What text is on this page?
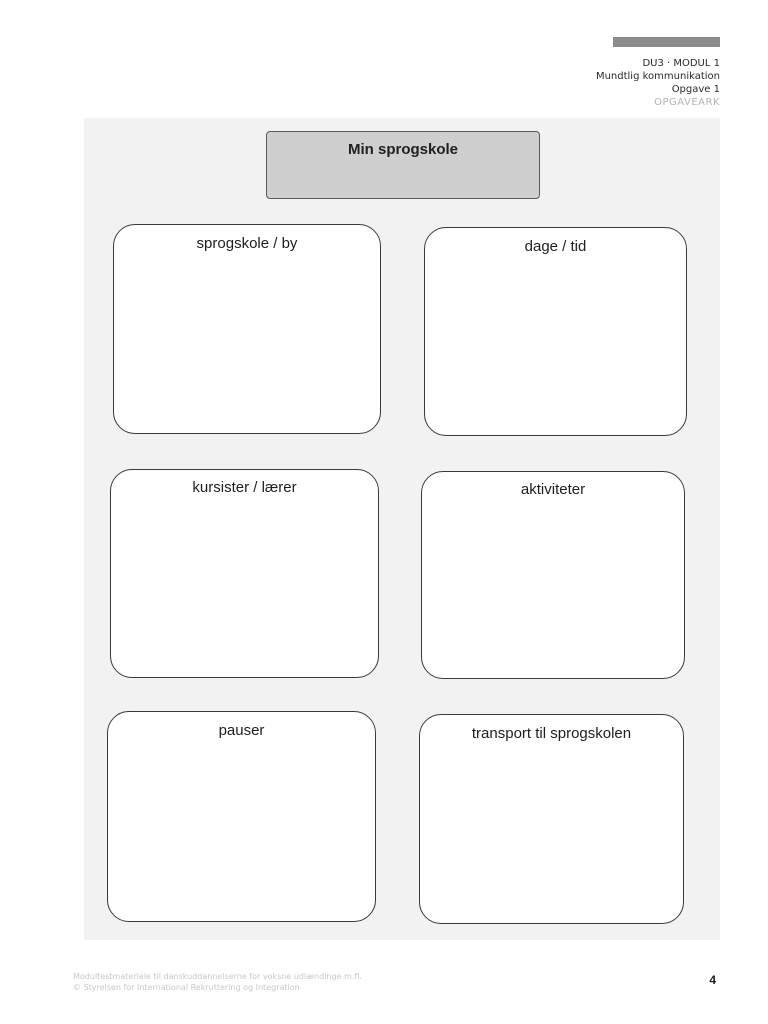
DU3 · MODUL 1
Mundtlig kommunikation
Opgave 1
OPGAVEARK
Min sprogskole
sprogskole / by	dage / tid
kursister / lærer	aktiviteter
pauser	transport til sprogskolen
Modultestmateriale til danskuddannelserne for voksne udlændinge m.fl.
© Styrelsen for International Rekruttering og Integration
4
